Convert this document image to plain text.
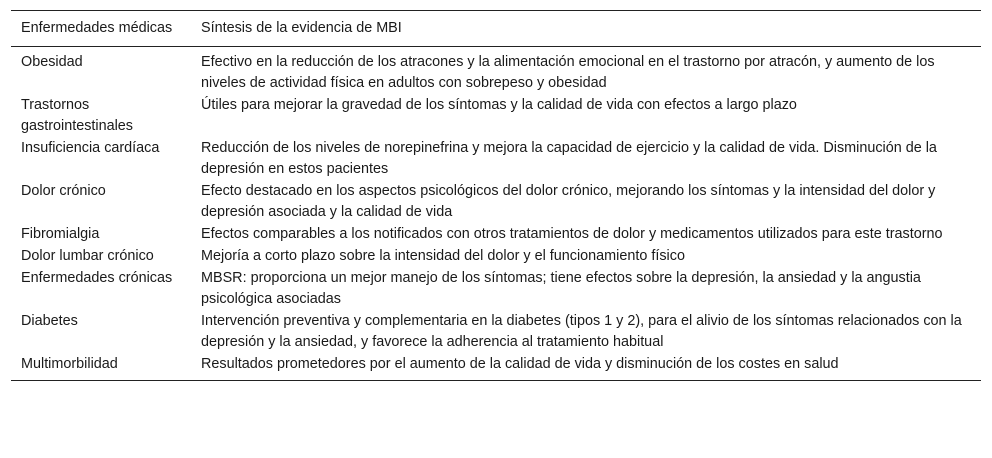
Enfermedades médicas	Síntesis de la evidencia de MBI
Obesidad	Efectivo en la reducción de los atracones y la alimentación emocional en el trastorno por atracón, y aumento de los niveles de actividad física en adultos con sobrepeso y obesidad
Trastornos gastrointestinales	Útiles para mejorar la gravedad de los síntomas y la calidad de vida con efectos a largo plazo
Insuficiencia cardíaca	Reducción de los niveles de norepinefrina y mejora la capacidad de ejercicio y la calidad de vida. Disminución de la depresión en estos pacientes
Dolor crónico	Efecto destacado en los aspectos psicológicos del dolor crónico, mejorando los síntomas y la intensidad del dolor y depresión asociada y la calidad de vida
Fibromialgia	Efectos comparables a los notificados con otros tratamientos de dolor y medicamentos utilizados para este trastorno
Dolor lumbar crónico	Mejoría a corto plazo sobre la intensidad del dolor y el funcionamiento físico
Enfermedades crónicas	MBSR: proporciona un mejor manejo de los síntomas; tiene efectos sobre la depresión, la ansiedad y la angustia psicológica asociadas
Diabetes	Intervención preventiva y complementaria en la diabetes (tipos 1 y 2), para el alivio de los síntomas relacionados con la depresión y la ansiedad, y favorece la adherencia al tratamiento habitual
Multimorbilidad	Resultados prometedores por el aumento de la calidad de vida y disminución de los costes en salud
